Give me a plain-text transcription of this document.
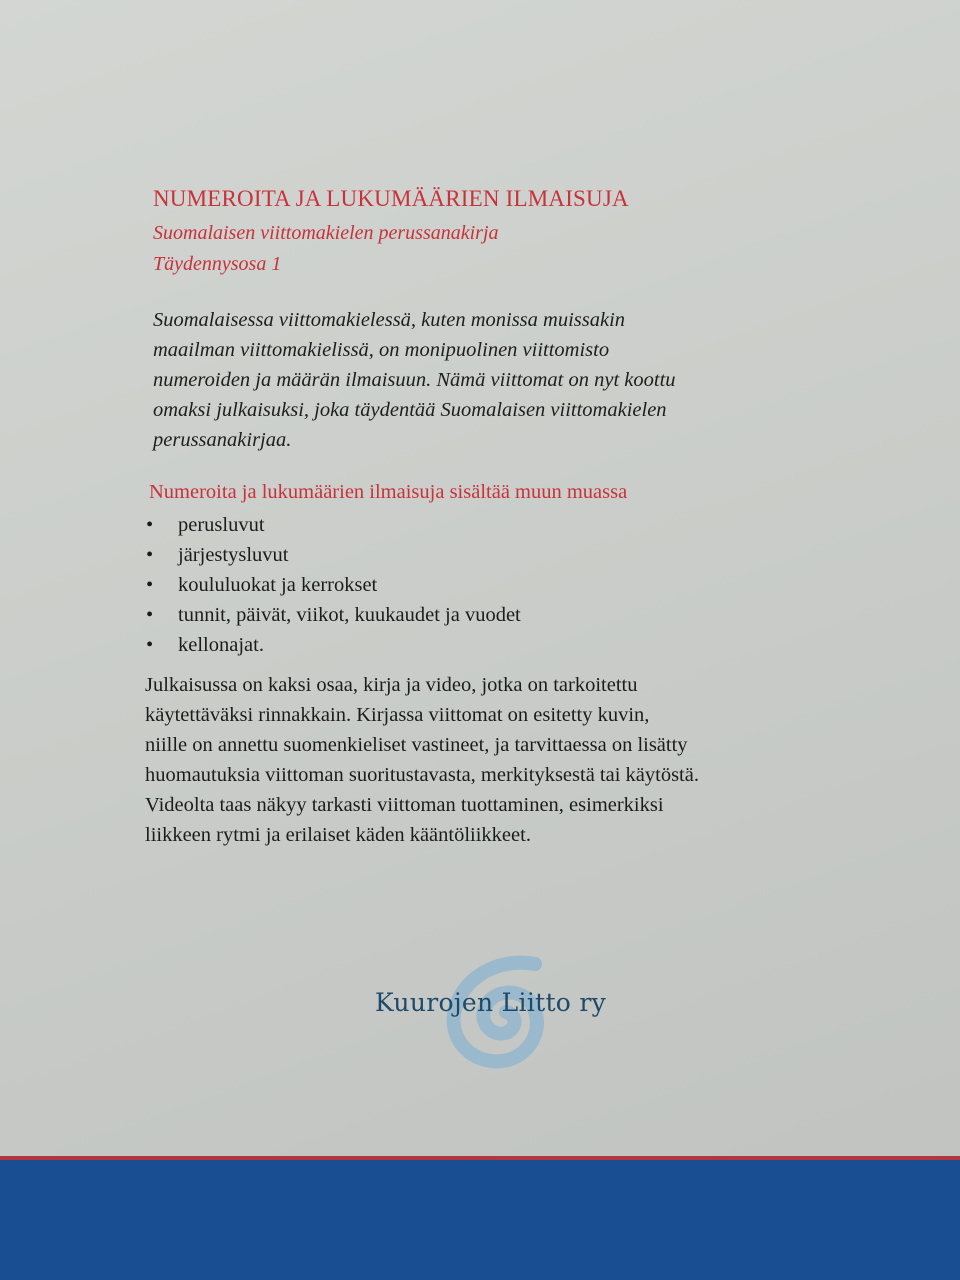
NUMEROITA JA LUKUMÄÄRIEN ILMAISUJA
Suomalaisen viittomakielen perussanakirja
Täydennysosa 1
Suomalaisessa viittomakielessä, kuten monissa muissakin
maailman viittomakielissä, on monipuolinen viittomisto
numeroiden ja määrän ilmaisuun. Nämä viittomat on nyt koottu
omaksi julkaisuksi, joka täydentää Suomalaisen viittomakielen
perussanakirjaa.
Numeroita ja lukumäärien ilmaisuja sisältää muun muassa
•	perusluvut
•	järjestysluvut
•	koululuokat ja kerrokset
•	tunnit, päivät, viikot, kuukaudet ja vuodet
•	kellonajat.
Julkaisussa on kaksi osaa, kirja ja video, jotka on tarkoitettu
käytettäväksi rinnakkain. Kirjassa viittomat on esitetty kuvin,
niille on annettu suomenkieliset vastineet, ja tarvittaessa on lisätty
huomautuksia viittoman suoritustavasta, merkityksestä tai käytöstä.
Videolta taas näkyy tarkasti viittoman tuottaminen, esimerkiksi
liikkeen rytmi ja erilaiset käden kääntöliikkeet.
Kuurojen Liitto ry
